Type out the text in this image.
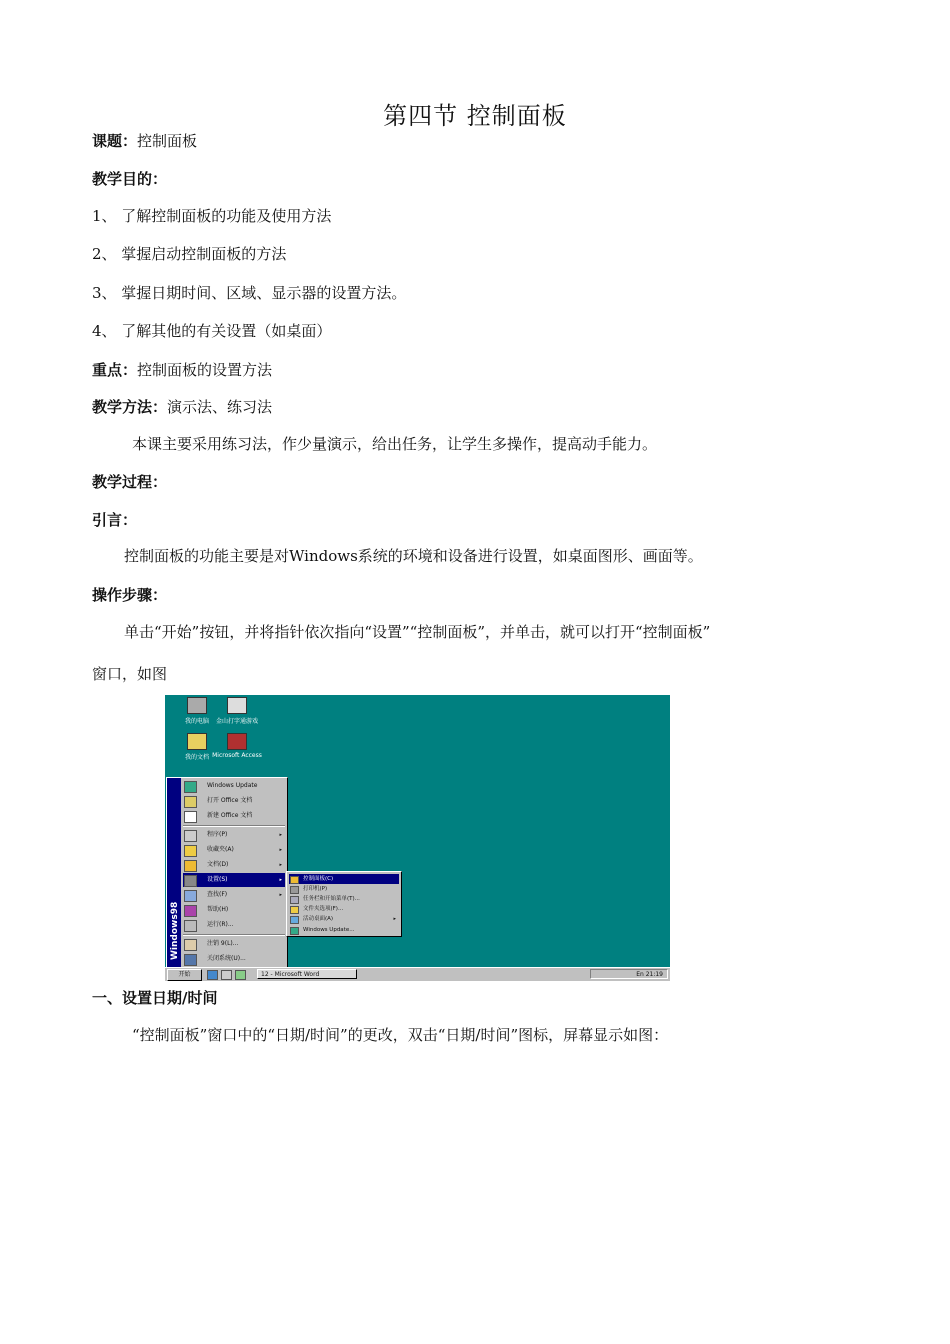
第四节 控制面板
课题：控制面板
教学目的：
1、 了解控制面板的功能及使用方法
2、 掌握启动控制面板的方法
3、 掌握日期时间、区域、显示器的设置方法。
4、 了解其他的有关设置（如桌面）
重点：控制面板的设置方法
教学方法：演示法、练习法
本课主要采用练习法，作少量演示，给出任务，让学生多操作，提高动手能力。
教学过程：
引言：
控制面板的功能主要是对Windows系统的环境和设备进行设置，如桌面图形、画面等。
操作步骤：
单击“开始”按钮，并将指针依次指向“设置”“控制面板”，并单击，就可以打开“控制面板”
窗口，如图
我的电脑	金山打字通游戏
我的文档 Microsoft Access
Windows98
Windows Update
打开 Office 文档
新建 Office 文档
程序(P)	▸
收藏夹(A)	▸
文档(D)	▸
设置(S)	▸
查找(F)	▸
帮助(H)
运行(R)...
注销 9(L)...
关闭系统(U)...
控制面板(C)
打印机(P)
任务栏和开始菜单(T)...
文件夹选项(F)...
活动桌面(A)	▸
Windows Update...
开始	12 - Microsoft Word	En 21:19
一、设置日期/时间
“控制面板”窗口中的“日期/时间”的更改，双击“日期/时间”图标，屏幕显示如图：
